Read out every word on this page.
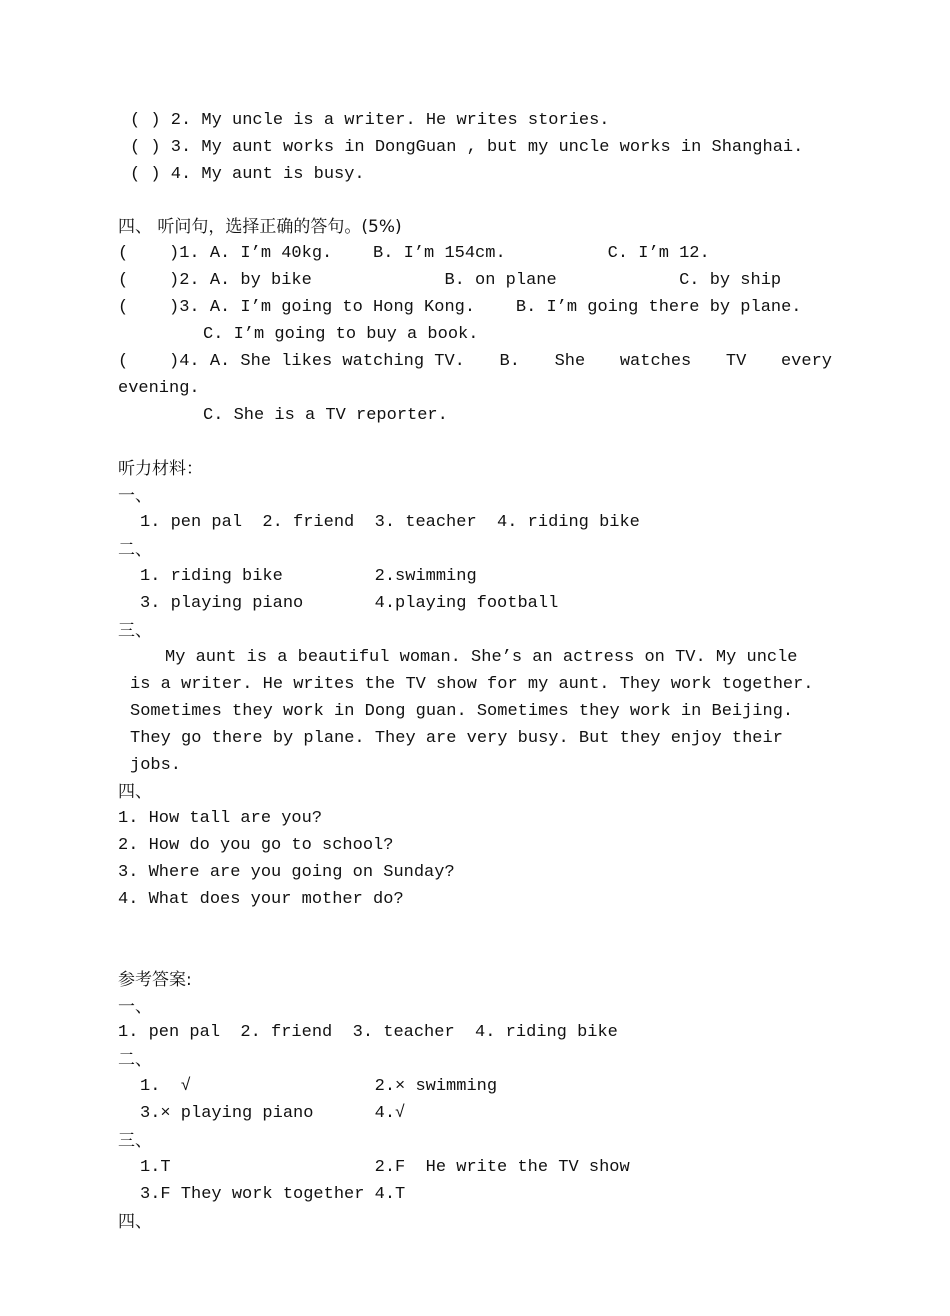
( ) 2. My uncle is a writer. He writes stories.
( ) 3. My aunt works in DongGuan , but my uncle works in Shanghai.
( ) 4. My aunt is busy.
四、 听问句，选择正确的答句。(5%)
(    )1. A. I’m 40kg.    B. I’m 154cm.          C. I’m 12.
(    )2. A. by bike             B. on plane            C. by ship
(    )3. A. I’m going to Hong Kong.    B. I’m going there by plane.
C. I’m going to buy a book.
(    )4. A. She likes watching TV. B. She watches TV every
evening.
C. She is a TV reporter.
听力材料：
一、
1. pen pal  2. friend  3. teacher  4. riding bike
二、
1. riding bike         2.swimming
3. playing piano       4.playing football
三、
My aunt is a beautiful woman. She’s an actress on TV. My uncle
is a writer. He writes the TV show for my aunt. They work together.
Sometimes they work in Dong guan. Sometimes they work in Beijing.
They go there by plane. They are very busy. But they enjoy their
jobs.
四、
1. How tall are you?
2. How do you go to school?
3. Where are you going on Sunday?
4. What does your mother do?
参考答案:
一、
1. pen pal  2. friend  3. teacher  4. riding bike
二、
1.  √                  2.× swimming
3.× playing piano      4.√
三、
1.T                    2.F  He write the TV show
3.F They work together 4.T
四、
